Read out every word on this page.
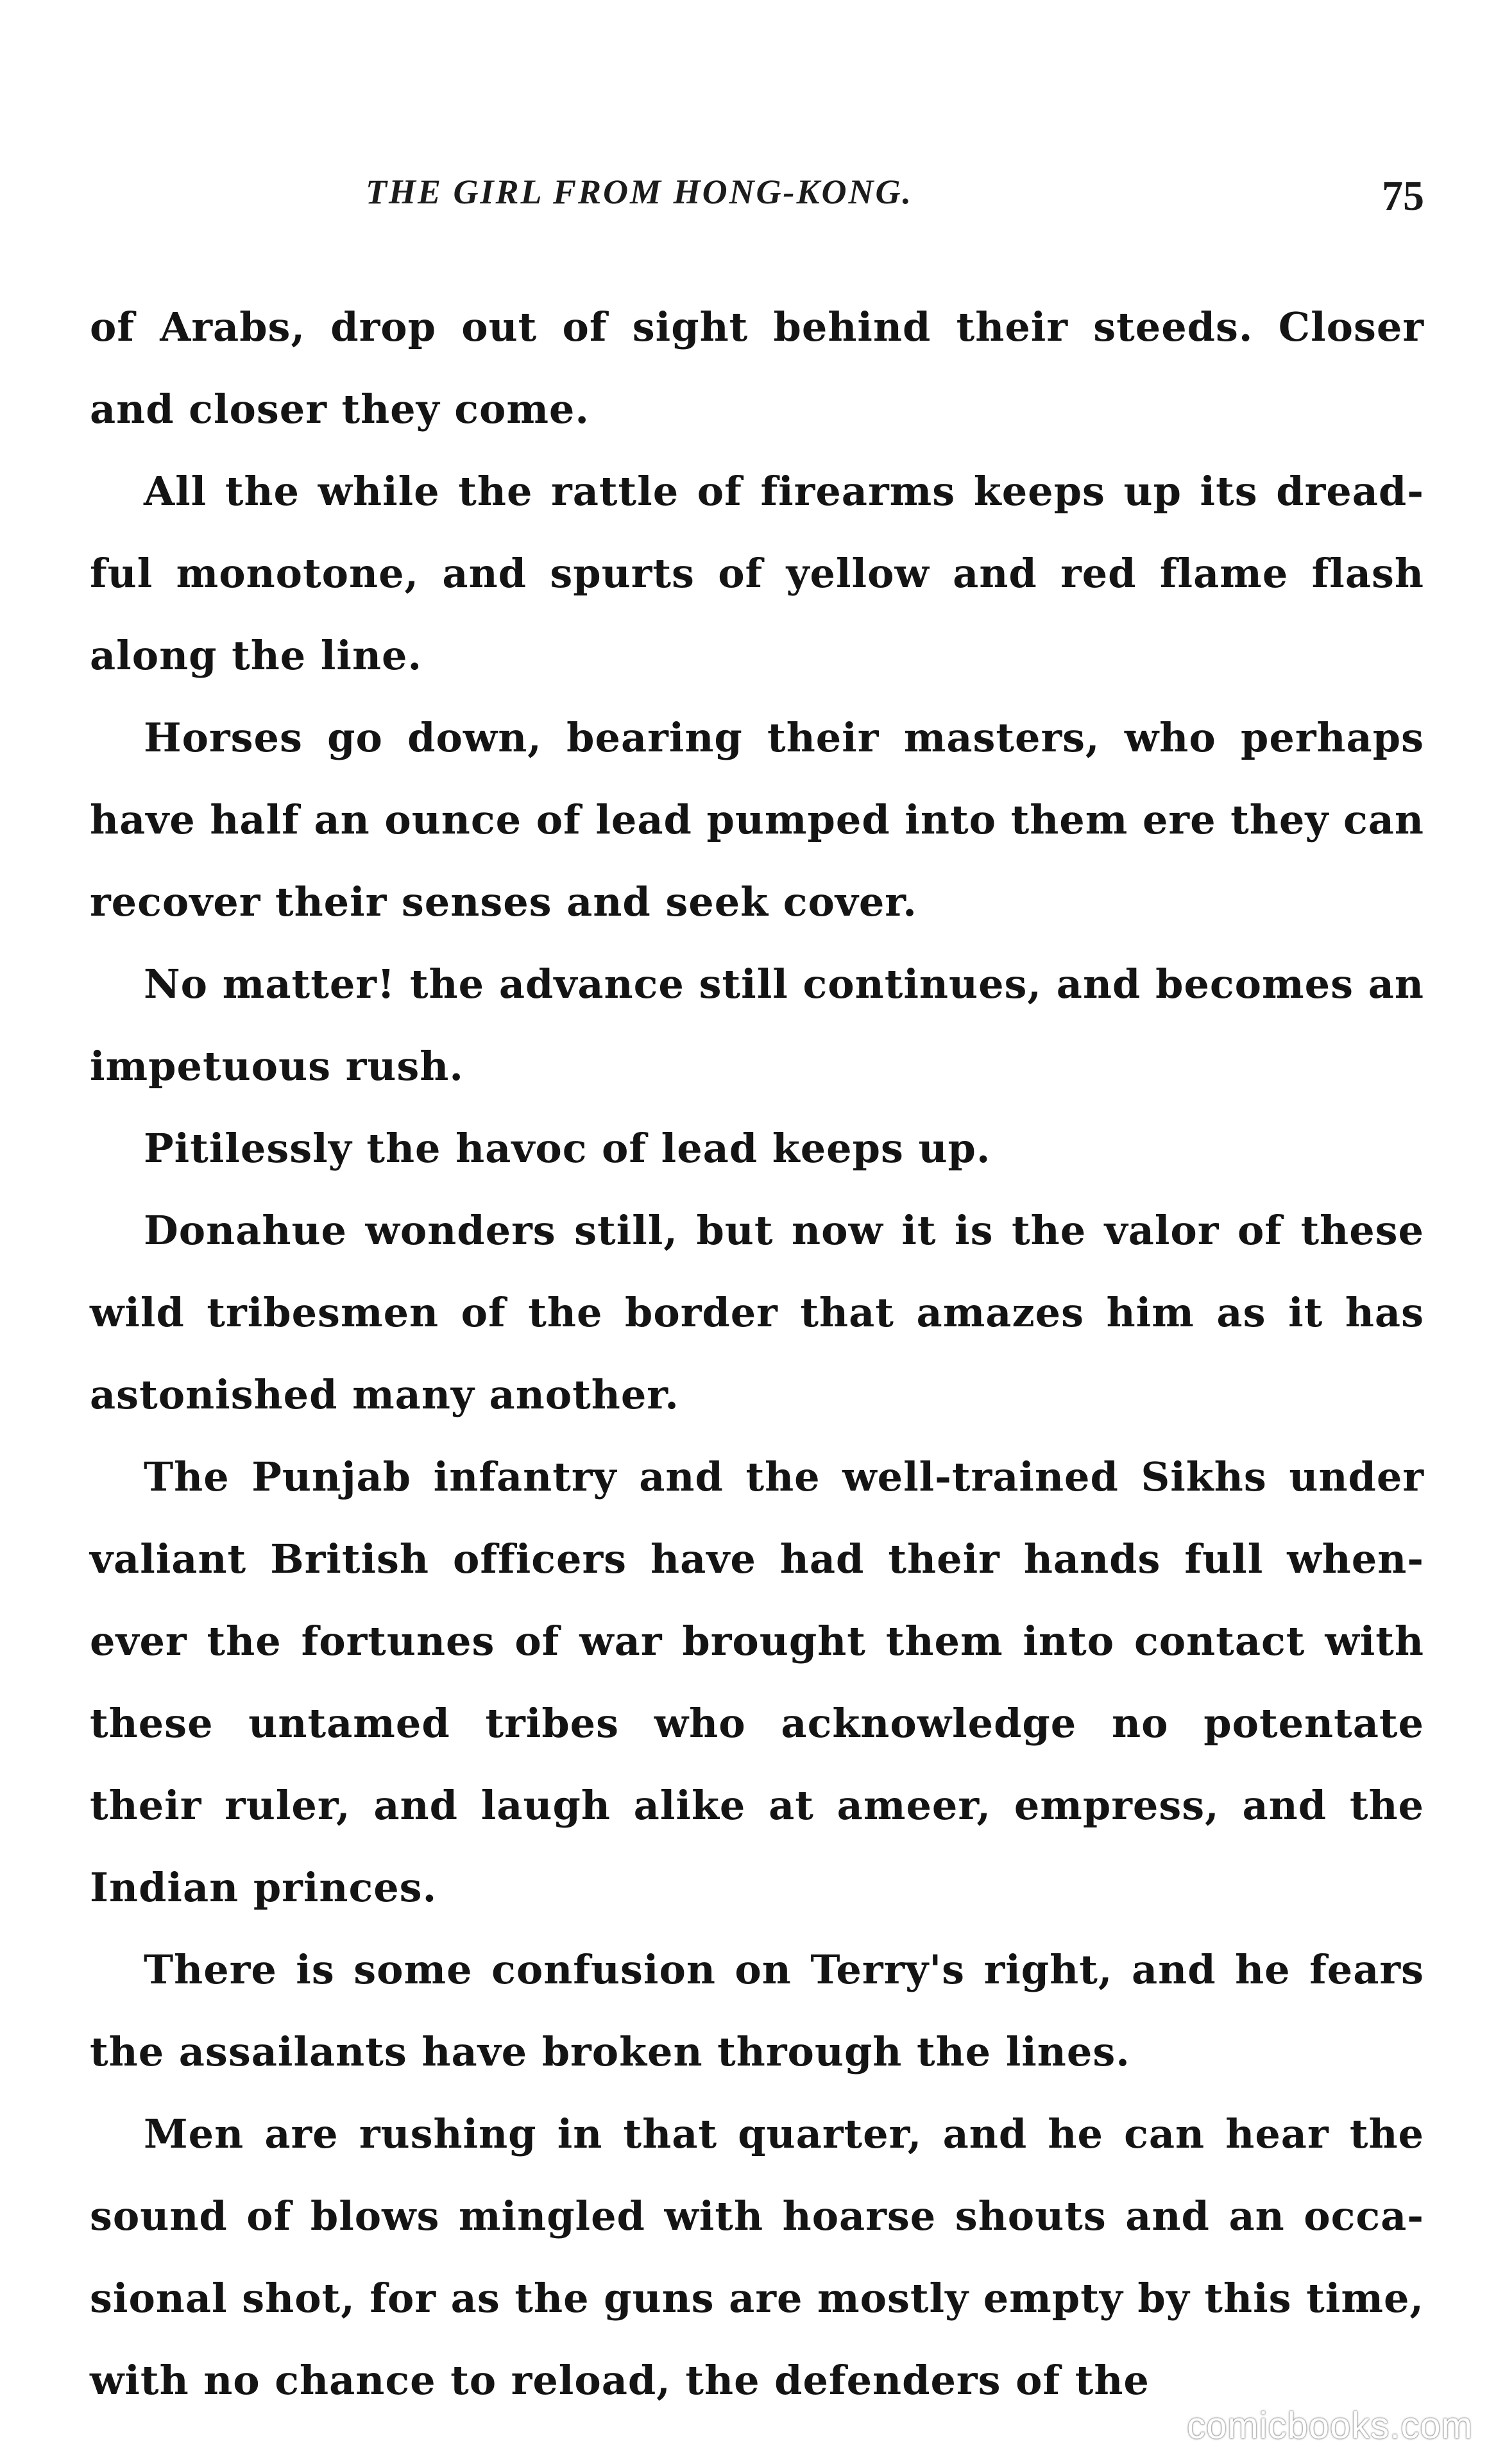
THE GIRL FROM HONG-KONG.	75

of Arabs, drop out of sight behind their steeds. Closer and closer they come.

All the while the rattle of firearms keeps up its dread-ful monotone, and spurts of yellow and red flame flash along the line.

Horses go down, bearing their masters, who perhaps have half an ounce of lead pumped into them ere they can recover their senses and seek cover.

No matter! the advance still continues, and becomes an impetuous rush.

Pitilessly the havoc of lead keeps up.

Donahue wonders still, but now it is the valor of these wild tribesmen of the border that amazes him as it has astonished many another.

The Punjab infantry and the well-trained Sikhs under valiant British officers have had their hands full when-ever the fortunes of war brought them into contact with these untamed tribes who acknowledge no potentate their ruler, and laugh alike at ameer, empress, and the Indian princes.

There is some confusion on Terry's right, and he fears the assailants have broken through the lines.

Men are rushing in that quarter, and he can hear the sound of blows mingled with hoarse shouts and an occa-sional shot, for as the guns are mostly empty by this time, with no chance to reload, the defenders of the

comicbooks.com
